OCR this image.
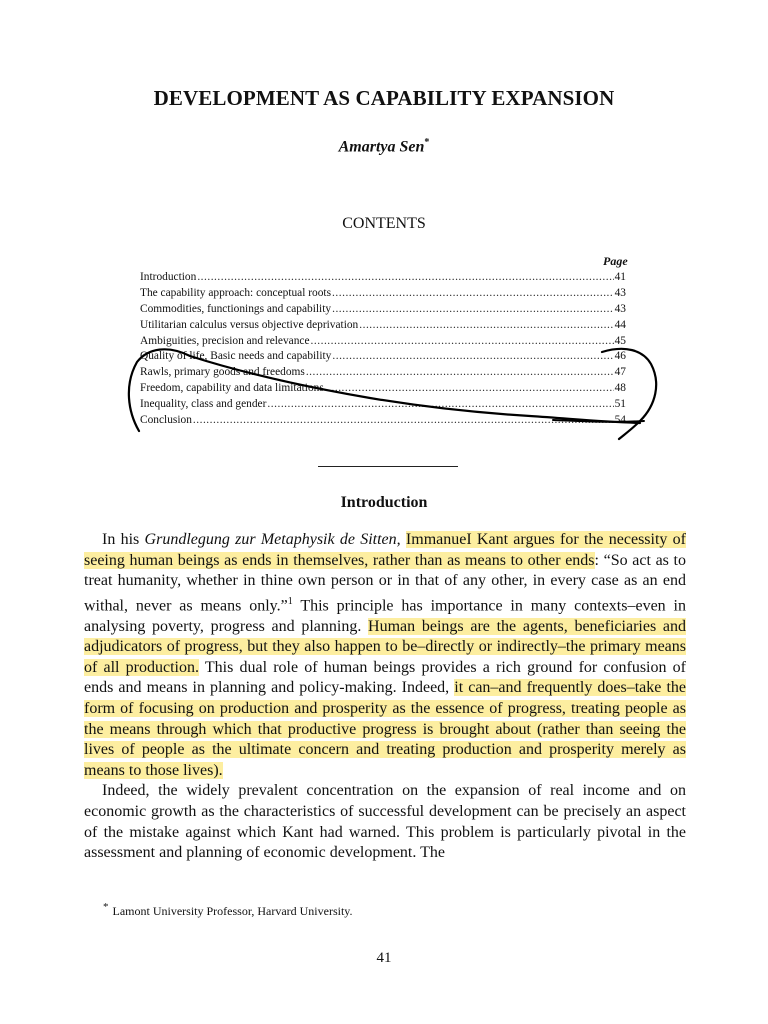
DEVELOPMENT AS CAPABILITY EXPANSION
Amartya Sen*
CONTENTS
Page
Introduction .....	41
The capability approach: conceptual roots .....	43
Commodities, functionings and capability .....	43
Utilitarian calculus versus objective deprivation .....	44
Ambiguities, precision and relevance .....	45
Quality of life, Basic needs and capability .....	46
Rawls, primary goods and freedoms .....	47
Freedom, capability and data limitations .....	48
Inequality, class and gender .....	51
Conclusion .....	54
Introduction

In his Grundlegung zur Metaphysik de Sitten, ImmanueI Kant argues for the necessity of seeing human beings as ends in themselves, rather than as means to other ends: “So act as to treat humanity, whether in thine own person or in that of any other, in every case as an end withal, never as means only.”$^1$ This principle has importance in many contexts–even in analysing poverty, progress and planning. Human beings are the agents, beneficiaries and adjudicators of progress, but they also happen to be–directly or indirectly–the primary means of all production. This dual role of human beings provides a rich ground for confusion of ends and means in planning and policy-making. Indeed, it can–and frequently does–take the form of focusing on production and prosperity as the essence of progress, treating people as the means through which that productive progress is brought about (rather than seeing the lives of people as the ultimate concern and treating production and prosperity merely as means to those lives).

Indeed, the widely prevalent concentration on the expansion of real income and on economic growth as the characteristics of successful development can be precisely an aspect of the mistake against which Kant had warned. This problem is particularly pivotal in the assessment and planning of economic development. The

* Lamont University Professor, Harvard University.
41
